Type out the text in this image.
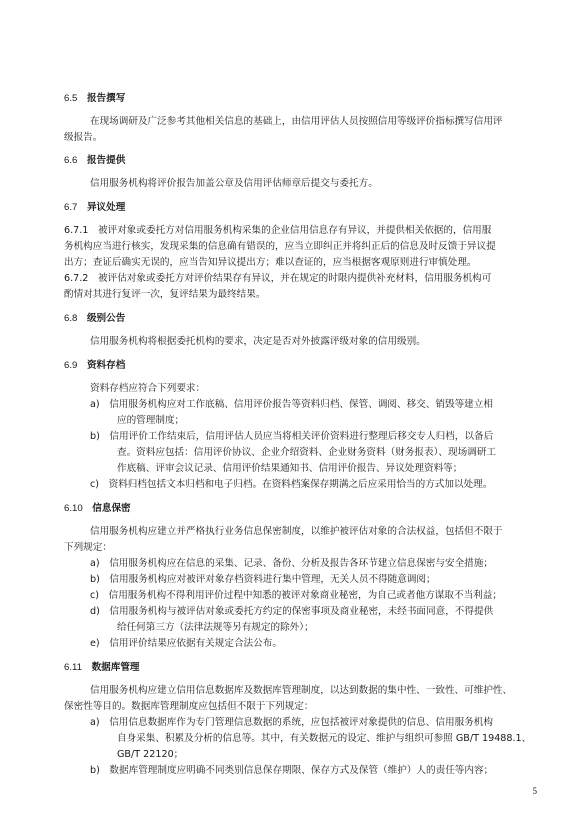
6.5　 报告撰写
在现场调研及广泛参考其他相关信息的基础上，由信用评估人员按照信用等级评价指标撰写信用评
级报告。
6.6　 报告提供
信用服务机构将评价报告加盖公章及信用评估师章后提交与委托方。
6.7　 异议处理
6.7.1　被评对象或委托方对信用服务机构采集的企业信用信息存有异议，并提供相关依据的，信用服
务机构应当进行核实，发现采集的信息确有错误的，应当立即纠正并将纠正后的信息及时反馈于异议提
出方；查证后确实无误的，应当告知异议提出方；难以查证的，应当根据客观原则进行审慎处理。
6.7.2　被评估对象或委托方对评价结果存有异议，并在规定的时限内提供补充材料，信用服务机构可
酌情对其进行复评一次，复评结果为最终结果。
6.8　 级别公告
信用服务机构将根据委托机构的要求，决定是否对外披露评级对象的信用级别。
6.9　 资料存档
资料存档应符合下列要求：
a)　信用服务机构应对工作底稿、信用评价报告等资料归档、保管、调阅、移交、销毁等建立相
应的管理制度；
b)　信用评价工作结束后，信用评估人员应当将相关评价资料进行整理后移交专人归档，以备后
查。资料应包括：信用评价协议、企业介绍资料、企业财务资料（财务报表）、现场调研工
作底稿、评审会议记录、信用评价结果通知书、信用评价报告、异议处理资料等；
c)　资料归档包括文本归档和电子归档。在资料档案保存期满之后应采用恰当的方式加以处理。
6.10　 信息保密
信用服务机构应建立并严格执行业务信息保密制度，以维护被评估对象的合法权益，包括但不限于
下列规定：
a)　信用服务机构应在信息的采集、记录、备份、分析及报告各环节建立信息保密与安全措施；
b)　信用服务机构应对被评对象存档资料进行集中管理，无关人员不得随意调阅；
c)　信用服务机构不得利用评价过程中知悉的被评对象商业秘密，为自己或者他方谋取不当利益；
d)　信用服务机构与被评估对象或委托方约定的保密事项及商业秘密，未经书面同意，不得提供
给任何第三方（法律法规等另有规定的除外）；
e)　信用评价结果应依据有关规定合法公布。
6.11　 数据库管理
信用服务机构应建立信用信息数据库及数据库管理制度，以达到数据的集中性、一致性、可维护性、
保密性等目的。数据库管理制度应包括但不限于下列规定：
a)　信用信息数据库作为专门管理信息数据的系统，应包括被评对象提供的信息、信用服务机构
自身采集、积累及分析的信息等。其中，有关数据元的设定、维护与组织可参照 GB/T 19488.1、
GB/T 22120；
b)　数据库管理制度应明确不同类别信息保存期限、保存方式及保管（维护）人的责任等内容；
5
